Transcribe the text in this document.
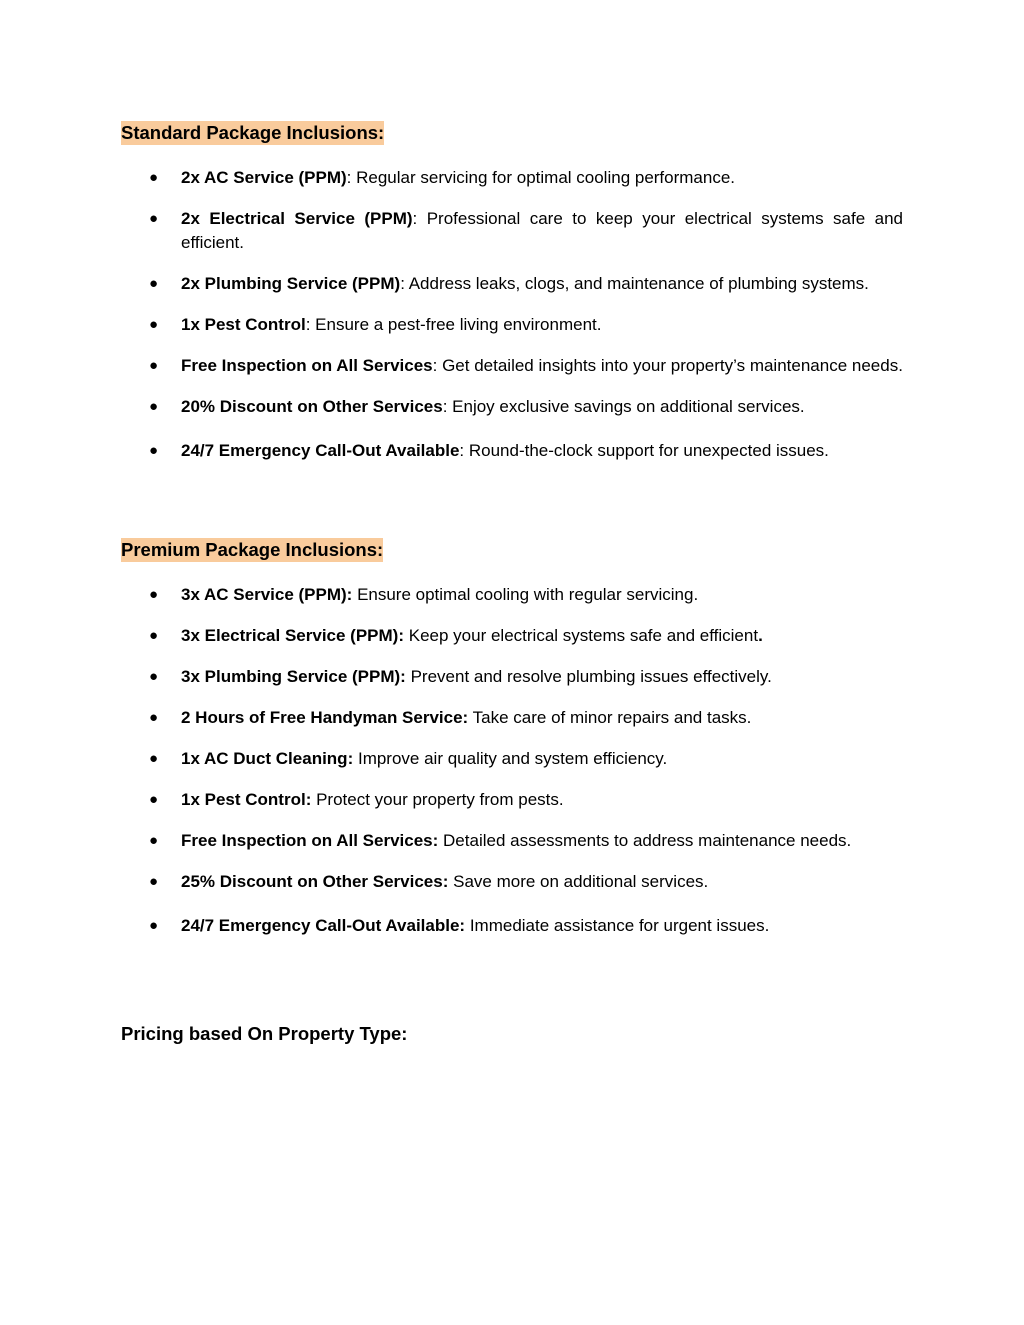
Standard Package Inclusions:
● 2x AC Service (PPM): Regular servicing for optimal cooling performance.
● 2x Electrical Service (PPM): Professional care to keep your electrical systems safe and efficient.
● 2x Plumbing Service (PPM): Address leaks, clogs, and maintenance of plumbing systems.
● 1x Pest Control: Ensure a pest-free living environment.
● Free Inspection on All Services: Get detailed insights into your property’s maintenance needs.
● 20% Discount on Other Services: Enjoy exclusive savings on additional services.
● 24/7 Emergency Call-Out Available: Round-the-clock support for unexpected issues.
Premium Package Inclusions:
● 3x AC Service (PPM): Ensure optimal cooling with regular servicing.
● 3x Electrical Service (PPM): Keep your electrical systems safe and efficient.
● 3x Plumbing Service (PPM): Prevent and resolve plumbing issues effectively.
● 2 Hours of Free Handyman Service: Take care of minor repairs and tasks.
● 1x AC Duct Cleaning: Improve air quality and system efficiency.
● 1x Pest Control: Protect your property from pests.
● Free Inspection on All Services: Detailed assessments to address maintenance needs.
● 25% Discount on Other Services: Save more on additional services.
● 24/7 Emergency Call-Out Available: Immediate assistance for urgent issues.
Pricing based On Property Type:
